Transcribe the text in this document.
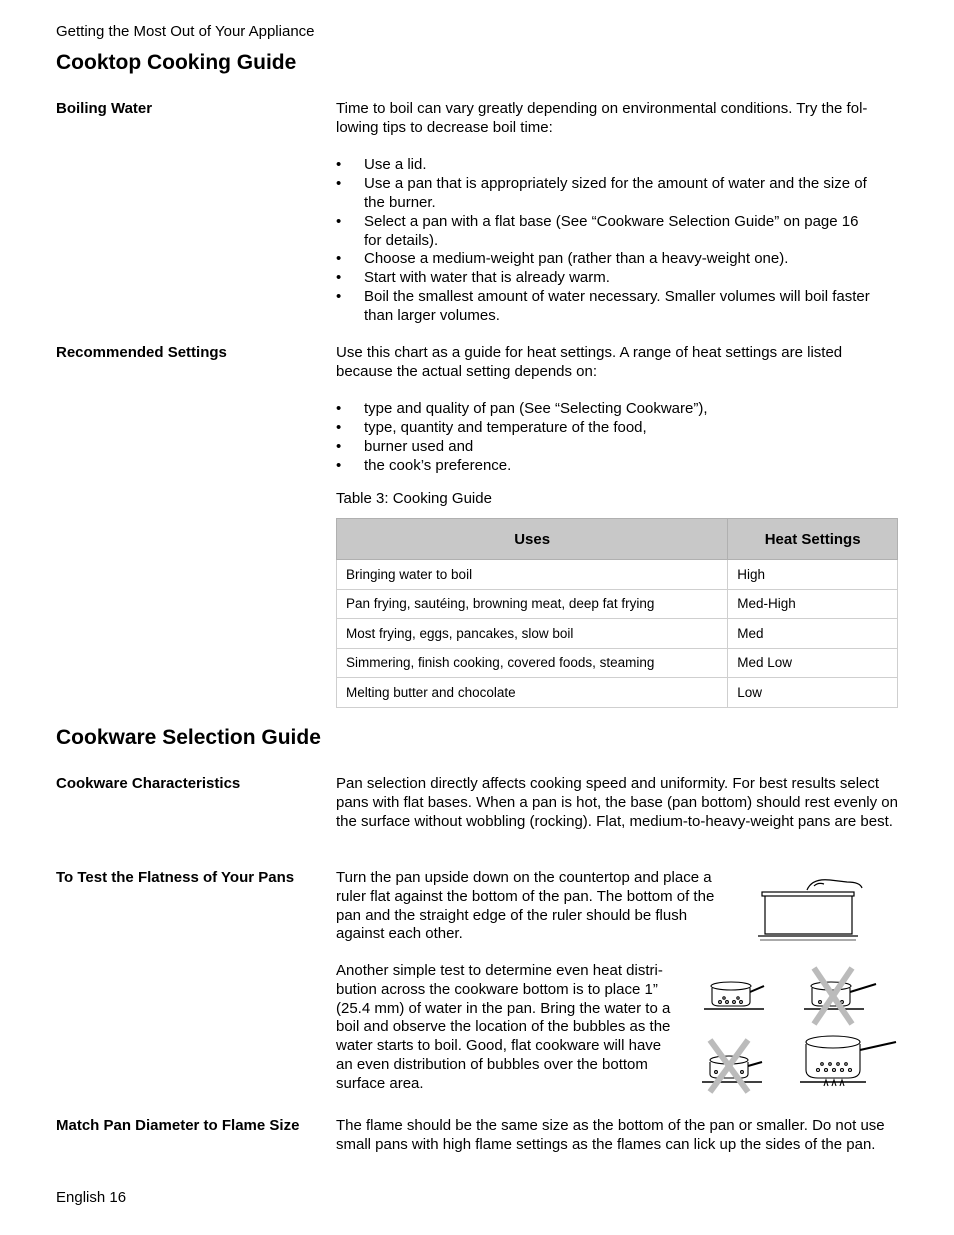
Getting the Most Out of Your Appliance
Cooktop Cooking Guide
Boiling Water	Time to boil can vary greatly depending on environmental conditions. Try the fol-

lowing tips to decrease boil time:

• Use a lid.
• Use a pan that is appropriately sized for the amount of water and the size of the burner.
• Select a pan with a flat base (See “Cookware Selection Guide” on page 16 for details).
• Choose a medium-weight pan (rather than a heavy-weight one).
• Start with water that is already warm.
• Boil the smallest amount of water necessary. Smaller volumes will boil faster than larger volumes.
Recommended Settings	Use this chart as a guide for heat settings. A range of heat settings are listed because the actual setting depends on:

• type and quality of pan (See “Selecting Cookware”),
• type, quantity and temperature of the food,
• burner used and
• the cook’s preference.
Table 3: Cooking Guide
Uses	Heat Settings
Bringing water to boil	High
Pan frying, sautéing, browning meat, deep fat frying	Med-High
Most frying, eggs, pancakes, slow boil	Med
Simmering, finish cooking, covered foods, steaming	Med Low
Melting butter and chocolate	Low
Cookware Selection Guide
Cookware Characteristics	Pan selection directly affects cooking speed and uniformity. For best results select pans with flat bases. When a pan is hot, the base (pan bottom) should rest evenly on the surface without wobbling (rocking). Flat, medium-to-heavy-weight pans are best.
To Test the Flatness of Your Pans	Turn the pan upside down on the countertop and place a ruler flat against the bottom of the pan. The bottom of the pan and the straight edge of the ruler should be flush against each other.
Another simple test to determine even heat distri-bution across the cookware bottom is to place 1” (25.4 mm) of water in the pan. Bring the water to a boil and observe the location of the bubbles as the water starts to boil. Good, flat cookware will have an even distribution of bubbles over the bottom surface area.
Match Pan Diameter to Flame Size The flame should be the same size as the bottom of the pan or smaller. Do not use small pans with high flame settings as the flames can lick up the sides of the pan.
English 16
